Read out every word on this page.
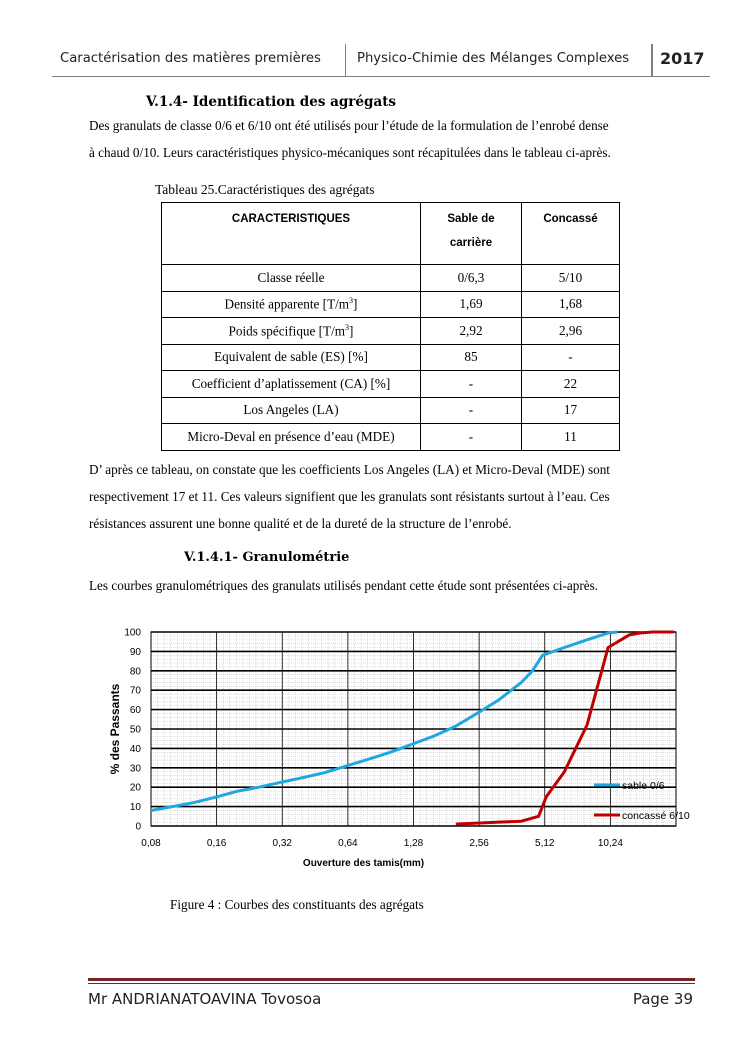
Caractérisation des matières premières	Physico-Chimie des Mélanges Complexes 2017
V.1.4- Identification des agrégats
Des granulats de classe 0/6 et 6/10 ont été utilisés pour l’étude de la formulation de l’enrobé dense
à chaud 0/10. Leurs caractéristiques physico-mécaniques sont récapitulées dans le tableau ci-après.
Tableau 25.Caractéristiques des agrégats
CARACTERISTIQUES	Sable de carrière	Concassé
Classe réelle	0/6,3	5/10
Densité apparente $[T/m^3]$	1,69	1,68
Poids spécifique $[T/m^3]$	2,92	2,96
Equivalent de sable (ES) [%]	85	-
Coefficient d’aplatissement (CA) [%]	-	22
Los Angeles (LA)	-	17
Micro-Deval en présence d’eau (MDE)	-	11
D’ après ce tableau, on constate que les coefficients Los Angeles (LA) et Micro-Deval (MDE) sont
respectivement 17 et 11. Ces valeurs signifient que les granulats sont résistants surtout à l’eau. Ces
résistances assurent une bonne qualité et de la dureté de la structure de l’enrobé.
V.1.4.1- Granulométrie
Les courbes granulométriques des granulats utilisés pendant cette étude sont présentées ci-après.
0
10
20
30
40
50
60
70
80
90
100
0,08	0,16	0,32	0,64	1,28	2,56	5,12	10,24
Ouverture des tamis(mm)
% des Passants
sable 0/6
concassé 6/10
Figure 4 : Courbes des constituants des agrégats
Mr ANDRIANATOAVINA Tovosoa	Page 39
